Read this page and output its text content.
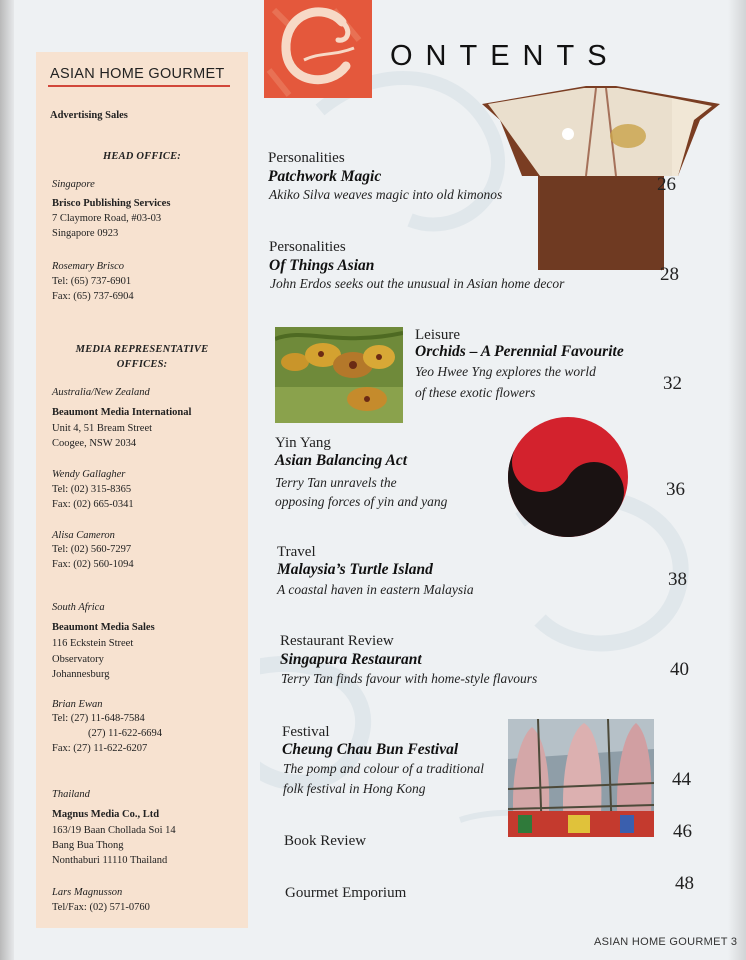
ASIAN HOME GOURMET
Advertising Sales
HEAD OFFICE:
Singapore
Brisco Publishing Services
7 Claymore Road, #03-03
Singapore 0923
Rosemary Brisco
Tel: (65) 737-6901
Fax: (65) 737-6904
MEDIA REPRESENTATIVE
OFFICES:
Australia/New Zealand
Beaumont Media International
Unit 4, 51 Bream Street
Coogee, NSW 2034
Wendy Gallagher
Tel: (02) 315-8365
Fax: (02) 665-0341
Alisa Cameron
Tel: (02) 560-7297
Fax: (02) 560-1094
South Africa
Beaumont Media Sales
116 Eckstein Street
Observatory
Johannesburg
Brian Ewan
Tel: (27) 11-648-7584
(27) 11-622-6694
Fax: (27) 11-622-6207
Thailand
Magnus Media Co., Ltd
163/19 Baan Chollada Soi 14
Bang Bua Thong
Nonthaburi 11110 Thailand
Lars Magnusson
Tel/Fax: (02) 571-0760
ONTENTS
Personalities
Patchwork Magic
Akiko Silva weaves magic into old kimonos	26
Personalities
Of Things Asian
John Erdos seeks out the unusual in Asian home decor	28
Leisure
Orchids – A Perennial Favourite
Yeo Hwee Yng explores the world
of these exotic flowers	32
Yin Yang
Asian Balancing Act
Terry Tan unravels the
opposing forces of yin and yang
36
Travel
Malaysia’s Turtle Island
A coastal haven in eastern Malaysia	38
Restaurant Review
Singapura Restaurant
Terry Tan finds favour with home-style flavours	40
Festival
Cheung Chau Bun Festival
The pomp and colour of a traditional
folk festival in Hong Kong	44
Book Review	46
Gourmet Emporium	48
ASIAN HOME GOURMET 3
